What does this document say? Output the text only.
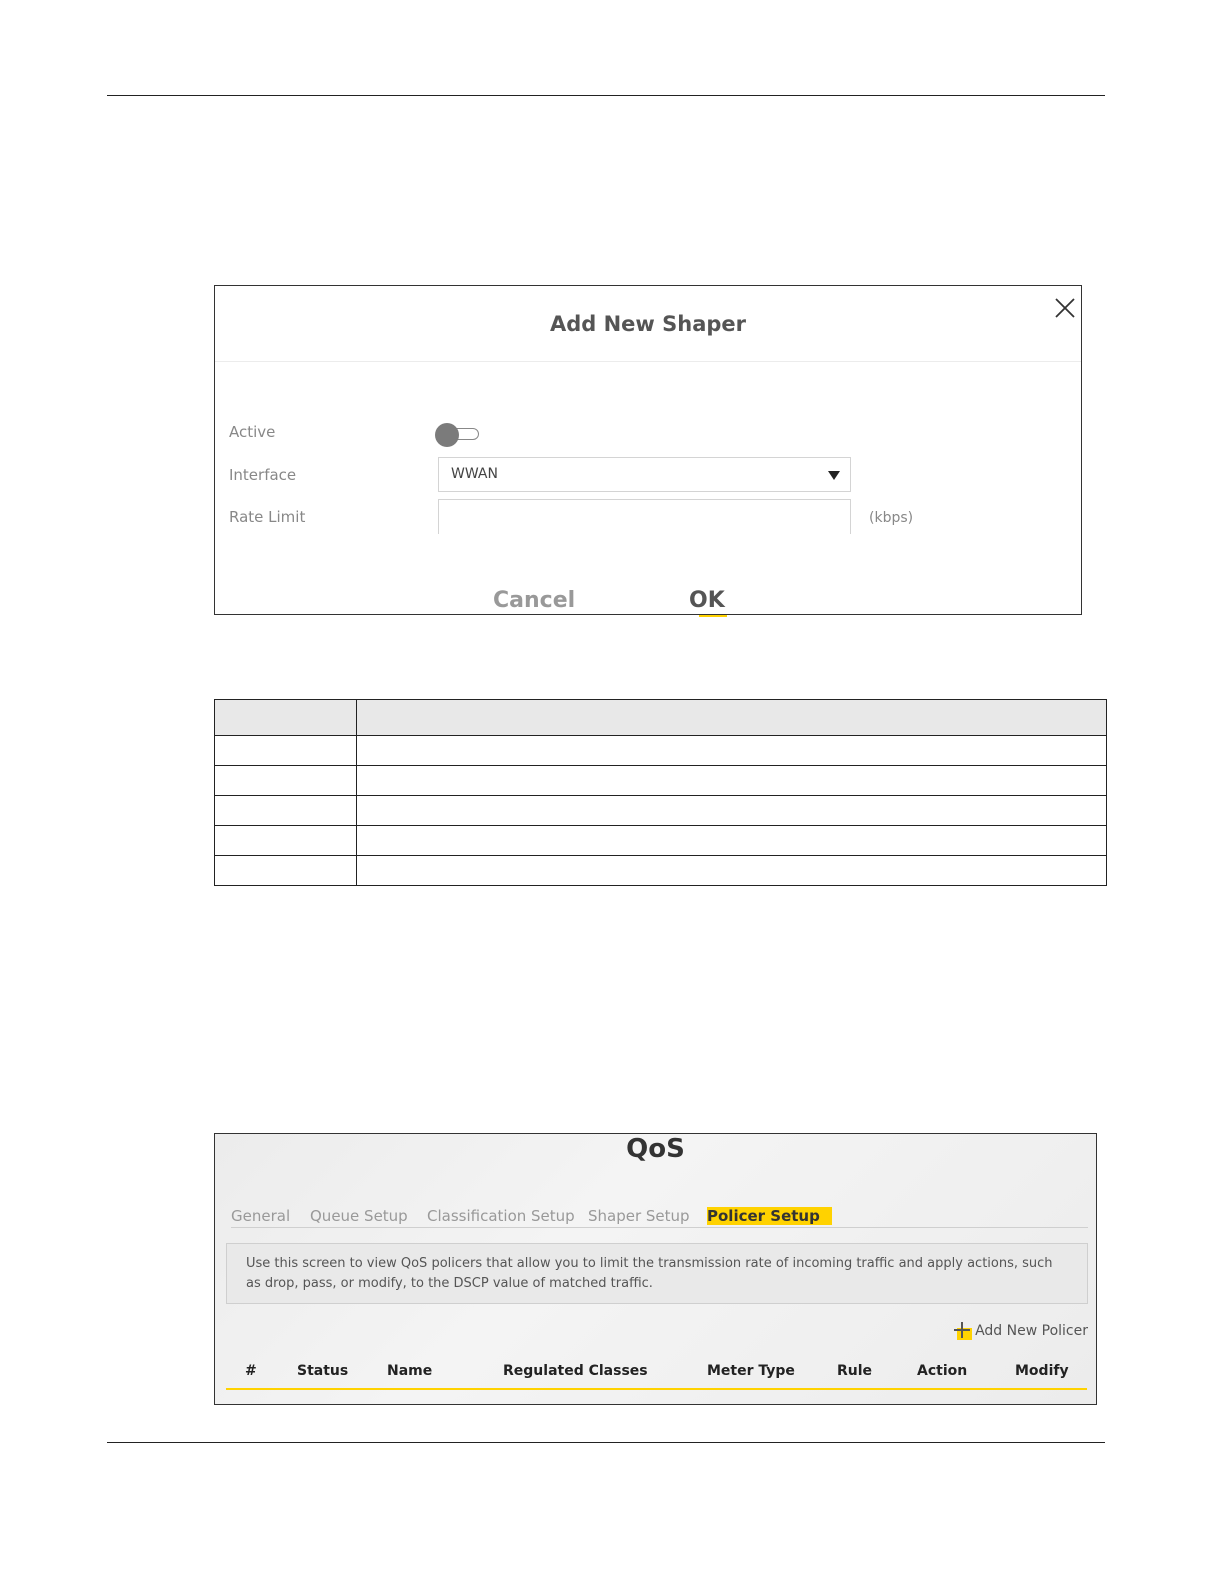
Add New Shaper
Active
Interface	WWAN
Rate Limit	(kbps)
Cancel	OK

QoS
General	Queue Setup	Classification Setup Shaper Setup	Policer Setup
Use this screen to view QoS policers that allow you to limit the transmission rate of incoming traffic and apply actions, such as drop, pass, or modify, to the DSCP value of matched traffic.
Add New Policer
#	Status	Name	Regulated Classes	Meter Type	Rule	Action	Modify
